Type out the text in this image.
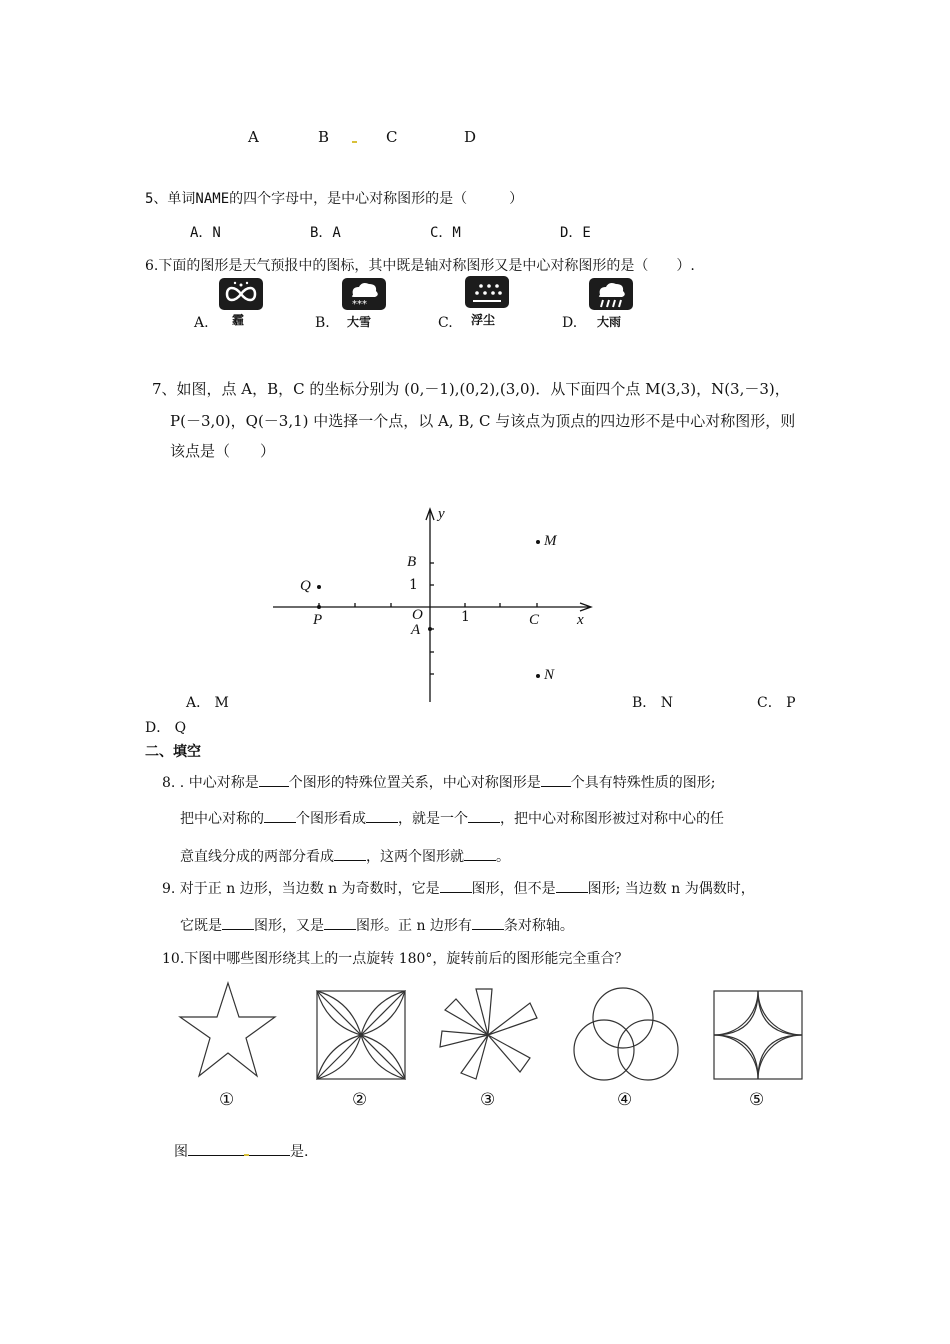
A	B	C	D
5、单词NAME的四个字母中，是中心对称图形的是（　　　）
A．N	B．A	C．M	D．E
6.下面的图形是天气预报中的图标，其中既是轴对称图形又是中心对称图形的是（　　）.
A. 霾	B.
***
大雪	C. 浮尘	D. 大雨
7、如图，点 A，B，C 的坐标分别为 (0,－1),(0,2),(3,0)．从下面四个点 M(3,3)，N(3,－3)，
P(－3,0)，Q(－3,1) 中选择一个点，以 A, B, C 与该点为顶点的四边形不是中心对称图形，则
该点是（　　）
y
x
M
N
Q
P
B
A
C
O	1
1
A． M	B． N	C． P
D． Q
二、填空
8. . 中心对称是 个图形的特殊位置关系，中心对称图形是 个具有特殊性质的图形;
把中心对称的 个图形看成 ，就是一个 ，把中心对称图形被过对称中心的任
意直线分成的两部分看成 ，这两个图形就 。
9. 对于正 n 边形，当边数 n 为奇数时，它是 图形，但不是 图形; 当边数 n 为偶数时，
它既是 图形，又是 图形。正 n 边形有 条对称轴。
10.下图中哪些图形绕其上的一点旋转 180°，旋转前后的图形能完全重合？
①	②	③	④	⑤
图	是.
